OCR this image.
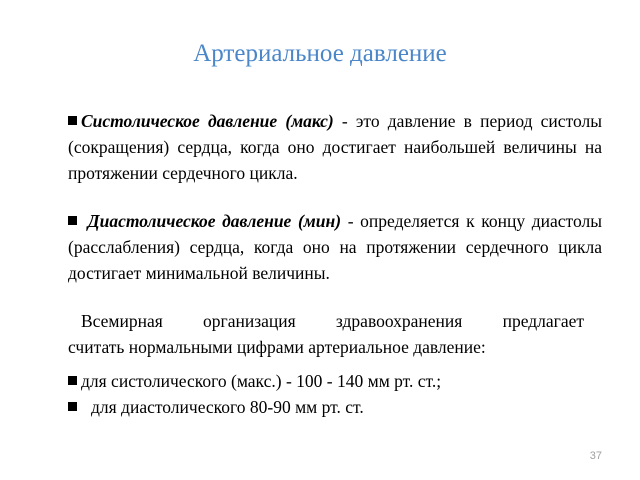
Артериальное давление

Систолическое давление (макс) - это давление в период систолы (сокращения) сердца, когда оно достигает наибольшей величины на протяжении сердечного цикла.

Диастолическое давление (мин) - определяется к концу диастолы (расслабления) сердца, когда оно на протяжении сердечного цикла достигает минимальной величины.

Всемирная организация здравоохранения предлагает
считать нормальными цифрами артериальное давление:
для систолического (макс.) - 100 - 140 мм рт. ст.;
для диастолического 80-90 мм рт. ст.
37
